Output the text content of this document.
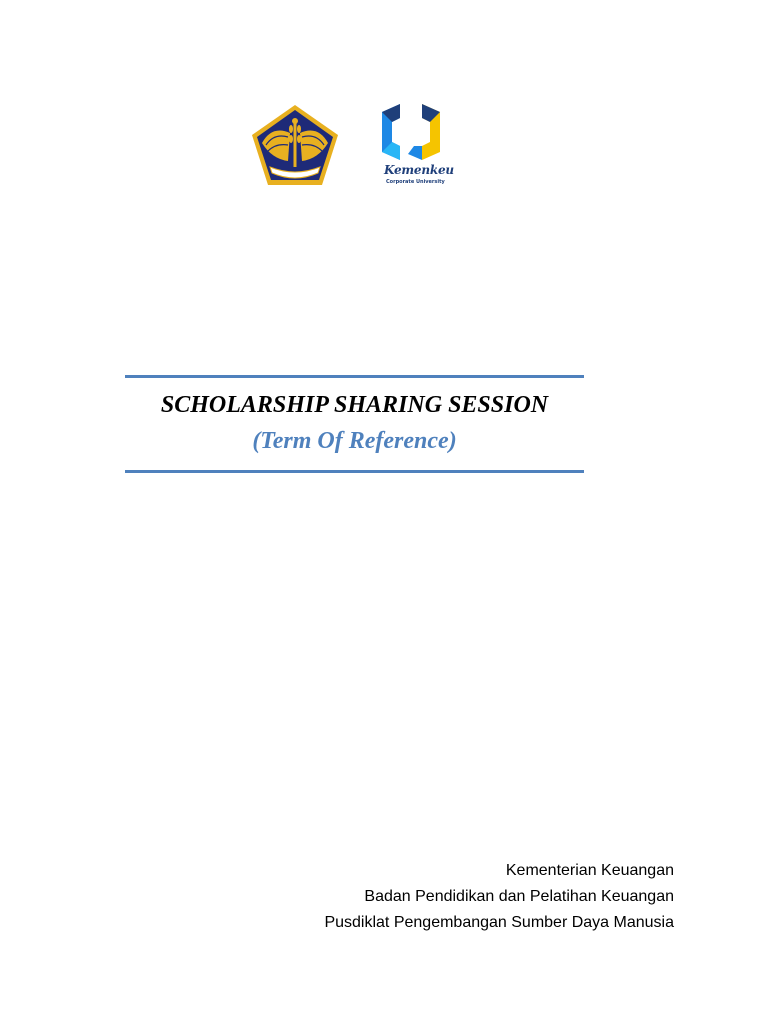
Kemenkeu
Corporate University
SCHOLARSHIP SHARING SESSION
(Term Of Reference)
Kementerian Keuangan
Badan Pendidikan dan Pelatihan Keuangan
Pusdiklat Pengembangan Sumber Daya Manusia
